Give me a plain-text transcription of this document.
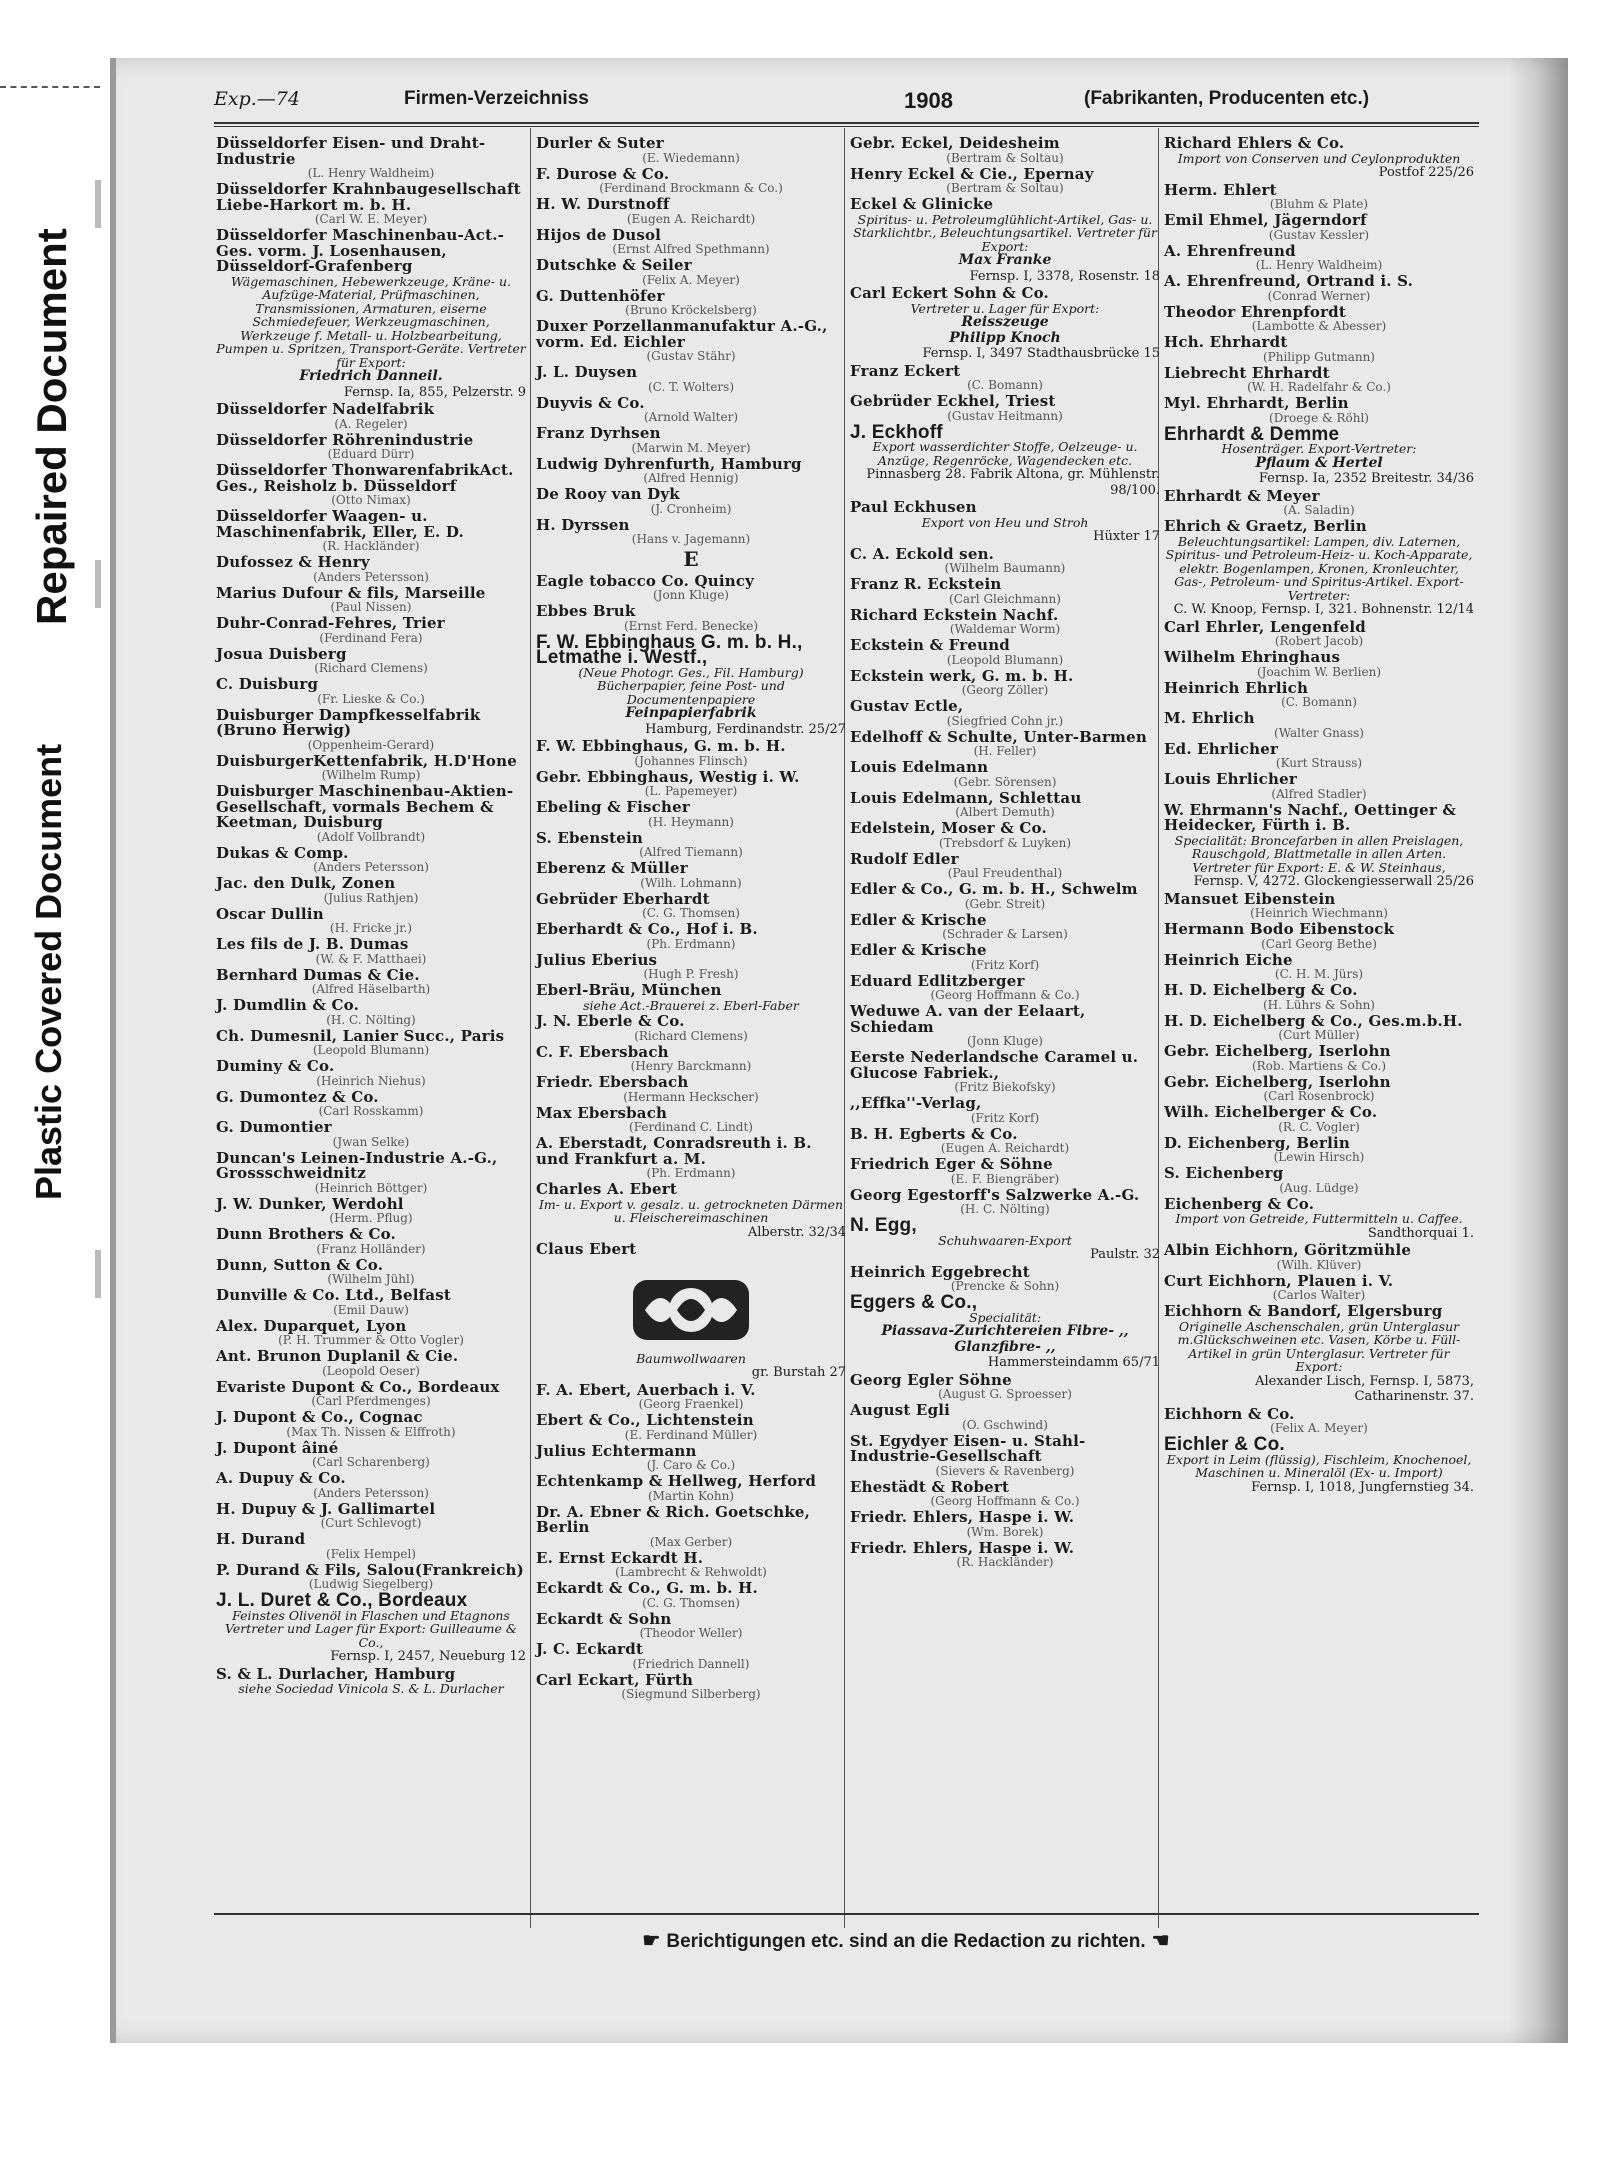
Repaired Document
Plastic Covered Document
Exp.—74	Firmen-Verzeichniss	1908	(Fabrikanten, Producenten etc.)
Düsseldorfer Eisen- und Draht-Industrie
(L. Henry Waldheim)
Düsseldorfer Krahnbaugesellschaft Liebe-Harkort m. b. H.
(Carl W. E. Meyer)
Düsseldorfer Maschinenbau-Act.-Ges. vorm. J. Losenhausen, Düsseldorf-Grafenberg
Wägemaschinen, Hebewerkzeuge, Kräne- u. Aufzüge-Material, Prüfmaschinen, Transmissionen, Armaturen, eiserne Schmiedefeuer, Werkzeugmaschinen, Werkzeuge f. Metall- u. Holzbearbeitung, Pumpen u. Spritzen, Transport-Geräte. Vertreter für Export:
Friedrich Danneil.
Fernsp. Ia, 855, Pelzerstr. 9
Düsseldorfer Nadelfabrik
(A. Regeler)
Düsseldorfer Röhrenindustrie
(Eduard Dürr)
Düsseldorfer ThonwarenfabrikAct. Ges., Reisholz b. Düsseldorf
(Otto Nimax)
Düsseldorfer Waagen- u. Maschinenfabrik, Eller, E. D.
(R. Hackländer)
Dufossez & Henry
(Anders Petersson)
Marius Dufour & fils, Marseille
(Paul Nissen)
Duhr-Conrad-Fehres, Trier
(Ferdinand Fera)
Josua Duisberg
(Richard Clemens)
C. Duisburg
(Fr. Lieske & Co.)
Duisburger Dampfkesselfabrik (Bruno Herwig)
(Oppenheim-Gerard)
DuisburgerKettenfabrik, H.D'Hone
(Wilhelm Rump)
Duisburger Maschinenbau-Aktien-Gesellschaft, vormals Bechem & Keetman, Duisburg
(Adolf Vollbrandt)
Dukas & Comp.
(Anders Petersson)
Jac. den Dulk, Zonen
(Julius Rathjen)
Oscar Dullin
(H. Fricke jr.)
Les fils de J. B. Dumas
(W. & F. Matthaei)
Bernhard Dumas & Cie.
(Alfred Häselbarth)
J. Dumdlin & Co.
(H. C. Nölting)
Ch. Dumesnil, Lanier Succ., Paris
(Leopold Blumann)
Duminy & Co.
(Heinrich Niehus)
G. Dumontez & Co.
(Carl Rosskamm)
G. Dumontier
(Jwan Selke)
Duncan's Leinen-Industrie A.-G., Grossschweidnitz
(Heinrich Böttger)
J. W. Dunker, Werdohl
(Herm. Pflug)
Dunn Brothers & Co.
(Franz Holländer)
Dunn, Sutton & Co.
(Wilhelm Jühl)
Dunville & Co. Ltd., Belfast
(Emil Dauw)
Alex. Duparquet, Lyon
(P. H. Trummer & Otto Vogler)
Ant. Brunon Duplanil & Cie.
(Leopold Oeser)
Evariste Dupont & Co., Bordeaux
(Carl Pferdmenges)
J. Dupont & Co., Cognac
(Max Th. Nissen & Elffroth)
J. Dupont âiné
(Carl Scharenberg)
A. Dupuy & Co.
(Anders Petersson)
H. Dupuy & J. Gallimartel
(Curt Schlevogt)
H. Durand
(Felix Hempel)
P. Durand & Fils, Salou(Frankreich)
(Ludwig Siegelberg)
J. L. Duret & Co., Bordeaux
Feinstes Olivenöl in Flaschen und Etagnons Vertreter und Lager für Export: Guilleaume & Co.,
Fernsp. I, 2457, Neueburg 12
S. & L. Durlacher, Hamburg
siehe Sociedad Vinicola S. & L. Durlacher
Durler & Suter
(E. Wiedemann)
F. Durose & Co.
(Ferdinand Brockmann & Co.)
H. W. Durstnoff
(Eugen A. Reichardt)
Hijos de Dusol
(Ernst Alfred Spethmann)
Dutschke & Seiler
(Felix A. Meyer)
G. Duttenhöfer
(Bruno Kröckelsberg)
Duxer Porzellanmanufaktur A.-G., vorm. Ed. Eichler
(Gustav Stähr)
J. L. Duysen
(C. T. Wolters)
Duyvis & Co.
(Arnold Walter)
Franz Dyrhsen
(Marwin M. Meyer)
Ludwig Dyhrenfurth, Hamburg
(Alfred Hennig)
De Rooy van Dyk
(J. Cronheim)
H. Dyrssen
(Hans v. Jagemann)
E
Eagle tobacco Co. Quincy
(Jonn Kluge)
Ebbes Bruk
(Ernst Ferd. Benecke)
F. W. Ebbinghaus G. m. b. H., Letmathe i. Westf.,
(Neue Photogr. Ges., Fil. Hamburg) Bücherpapier, feine Post- und Documentenpapiere
Feinpapierfabrik
Hamburg, Ferdinandstr. 25/27
F. W. Ebbinghaus, G. m. b. H.
(Johannes Flinsch)
Gebr. Ebbinghaus, Westig i. W.
(L. Papemeyer)
Ebeling & Fischer
(H. Heymann)
S. Ebenstein
(Alfred Tiemann)
Eberenz & Müller
(Wilh. Lohmann)
Gebrüder Eberhardt
(C. G. Thomsen)
Eberhardt & Co., Hof i. B.
(Ph. Erdmann)
Julius Eberius
(Hugh P. Fresh)
Eberl-Bräu, München
siehe Act.-Brauerei z. Eberl-Faber
J. N. Eberle & Co.
(Richard Clemens)
C. F. Ebersbach
(Henry Barckmann)
Friedr. Ebersbach
(Hermann Heckscher)
Max Ebersbach
(Ferdinand C. Lindt)
A. Eberstadt, Conradsreuth i. B. und Frankfurt a. M.
(Ph. Erdmann)
Charles A. Ebert
Im- u. Export v. gesalz. u. getrockneten Därmen u. Fleischereimaschinen
Alberstr. 32/34
Claus Ebert
Baumwollwaaren
gr. Burstah 27
F. A. Ebert, Auerbach i. V.
(Georg Fraenkel)
Ebert & Co., Lichtenstein
(E. Ferdinand Müller)
Julius Echtermann
(J. Caro & Co.)
Echtenkamp & Hellweg, Herford
(Martin Kohn)
Dr. A. Ebner & Rich. Goetschke, Berlin
(Max Gerber)
E. Ernst Eckardt H.
(Lambrecht & Rehwoldt)
Eckardt & Co., G. m. b. H.
(C. G. Thomsen)
Eckardt & Sohn
(Theodor Weller)
J. C. Eckardt
(Friedrich Dannell)
Carl Eckart, Fürth
(Siegmund Silberberg)
Gebr. Eckel, Deidesheim
(Bertram & Soltau)
Henry Eckel & Cie., Epernay
(Bertram & Soltau)
Eckel & Glinicke
Spiritus- u. Petroleumglühlicht-Artikel, Gas- u. Starklichtbr., Beleuchtungsartikel. Vertreter für Export:
Max Franke
Fernsp. I, 3378, Rosenstr. 18
Carl Eckert Sohn & Co.
Vertreter u. Lager für Export:
Reisszeuge
Philipp Knoch
Fernsp. I, 3497 Stadthausbrücke 15
Franz Eckert
(C. Bomann)
Gebrüder Eckhel, Triest
(Gustav Heitmann)
J. Eckhoff
Export wasserdichter Stoffe, Oelzeuge- u. Anzüge, Regenröcke, Wagendecken etc.
Pinnasberg 28. Fabrik Altona, gr. Mühlenstr. 98/100.
Paul Eckhusen
Export von Heu und Stroh
Hüxter 17
C. A. Eckold sen.
(Wilhelm Baumann)
Franz R. Eckstein
(Carl Gleichmann)
Richard Eckstein Nachf.
(Waldemar Worm)
Eckstein & Freund
(Leopold Blumann)
Eckstein werk, G. m. b. H.
(Georg Zöller)
Gustav Ectle,
(Siegfried Cohn jr.)
Edelhoff & Schulte, Unter-Barmen
(H. Feller)
Louis Edelmann
(Gebr. Sörensen)
Louis Edelmann, Schlettau
(Albert Demuth)
Edelstein, Moser & Co.
(Trebsdorf & Luyken)
Rudolf Edler
(Paul Freudenthal)
Edler & Co., G. m. b. H., Schwelm
(Gebr. Streit)
Edler & Krische
(Schrader & Larsen)
Edler & Krische
(Fritz Korf)
Eduard Edlitzberger
(Georg Hoffmann & Co.)
Weduwe A. van der Eelaart, Schiedam
(Jonn Kluge)
Eerste Nederlandsche Caramel u. Glucose Fabriek.,
(Fritz Biekofsky)
,,Effka''-Verlag,
(Fritz Korf)
B. H. Egberts & Co.
(Eugen A. Reichardt)
Friedrich Eger & Söhne
(E. F. Biengräber)
Georg Egestorff's Salzwerke A.-G.
(H. C. Nölting)
N. Egg,
Schuhwaaren-Export
Paulstr. 32
Heinrich Eggebrecht
(Prencke & Sohn)
Eggers & Co.,
Specialität:
Piassava-Zurichtereien Fibre- ,, Glanzfibre- ,,
Hammersteindamm 65/71
Georg Egler Söhne
(August G. Sproesser)
August Egli
(O. Gschwind)
St. Egydyer Eisen- u. Stahl-Industrie-Gesellschaft
(Sievers & Ravenberg)
Ehestädt & Robert
(Georg Hoffmann & Co.)
Friedr. Ehlers, Haspe i. W.
(Wm. Borek)
Friedr. Ehlers, Haspe i. W.
(R. Hackländer)
Richard Ehlers & Co.
Import von Conserven und Ceylonprodukten
Postfof 225/26
Herm. Ehlert
(Bluhm & Plate)
Emil Ehmel, Jägerndorf
(Gustav Kessler)
A. Ehrenfreund
(L. Henry Waldheim)
A. Ehrenfreund, Ortrand i. S.
(Conrad Werner)
Theodor Ehrenpfordt
(Lambotte & Abesser)
Hch. Ehrhardt
(Philipp Gutmann)
Liebrecht Ehrhardt
(W. H. Radelfahr & Co.)
Myl. Ehrhardt, Berlin
(Droege & Röhl)
Ehrhardt & Demme
Hosenträger. Export-Vertreter:
Pflaum & Hertel
Fernsp. Ia, 2352 Breitestr. 34/36
Ehrhardt & Meyer
(A. Saladin)
Ehrich & Graetz, Berlin
Beleuchtungsartikel: Lampen, div. Laternen, Spiritus- und Petroleum-Heiz- u. Koch-Apparate, elektr. Bogenlampen, Kronen, Kronleuchter, Gas-, Petroleum- und Spiritus-Artikel. Export-Vertreter:
C. W. Knoop, Fernsp. I, 321. Bohnenstr. 12/14
Carl Ehrler, Lengenfeld
(Robert Jacob)
Wilhelm Ehringhaus
(Joachim W. Berlien)
Heinrich Ehrlich
(C. Bomann)
M. Ehrlich
(Walter Gnass)
Ed. Ehrlicher
(Kurt Strauss)
Louis Ehrlicher
(Alfred Stadler)
W. Ehrmann's Nachf., Oettinger & Heidecker, Fürth i. B.
Specialität: Broncefarben in allen Preislagen, Rauschgold, Blattmetalle in allen Arten. Vertreter für Export: E. & W. Steinhaus,
Fernsp. V, 4272. Glockengiesserwall 25/26
Mansuet Eibenstein
(Heinrich Wiechmann)
Hermann Bodo Eibenstock
(Carl Georg Bethe)
Heinrich Eiche
(C. H. M. Jürs)
H. D. Eichelberg & Co.
(H. Lührs & Sohn)
H. D. Eichelberg & Co., Ges.m.b.H.
(Curt Müller)
Gebr. Eichelberg, Iserlohn
(Rob. Martiens & Co.)
Gebr. Eichelberg, Iserlohn
(Carl Rosenbrock)
Wilh. Eichelberger & Co.
(R. C. Vogler)
D. Eichenberg, Berlin
(Lewin Hirsch)
S. Eichenberg
(Aug. Lüdge)
Eichenberg & Co.
Import von Getreide, Futtermitteln u. Caffee.
Sandthorquai 1.
Albin Eichhorn, Göritzmühle
(Wilh. Klüver)
Curt Eichhorn, Plauen i. V.
(Carlos Walter)
Eichhorn & Bandorf, Elgersburg
Originelle Aschenschalen, grün Unterglasur m.Glückschweinen etc. Vasen, Körbe u. Füll-Artikel in grün Unterglasur. Vertreter für Export:
Alexander Lisch, Fernsp. I, 5873, Catharinenstr. 37.
Eichhorn & Co.
(Felix A. Meyer)
Eichler & Co.
Export in Leim (flüssig), Fischleim, Knochenoel, Maschinen u. Mineralöl (Ex- u. Import)
Fernsp. I, 1018, Jungfernstieg 34.
☛ Berichtigungen etc. sind an die Redaction zu richten. ☚
